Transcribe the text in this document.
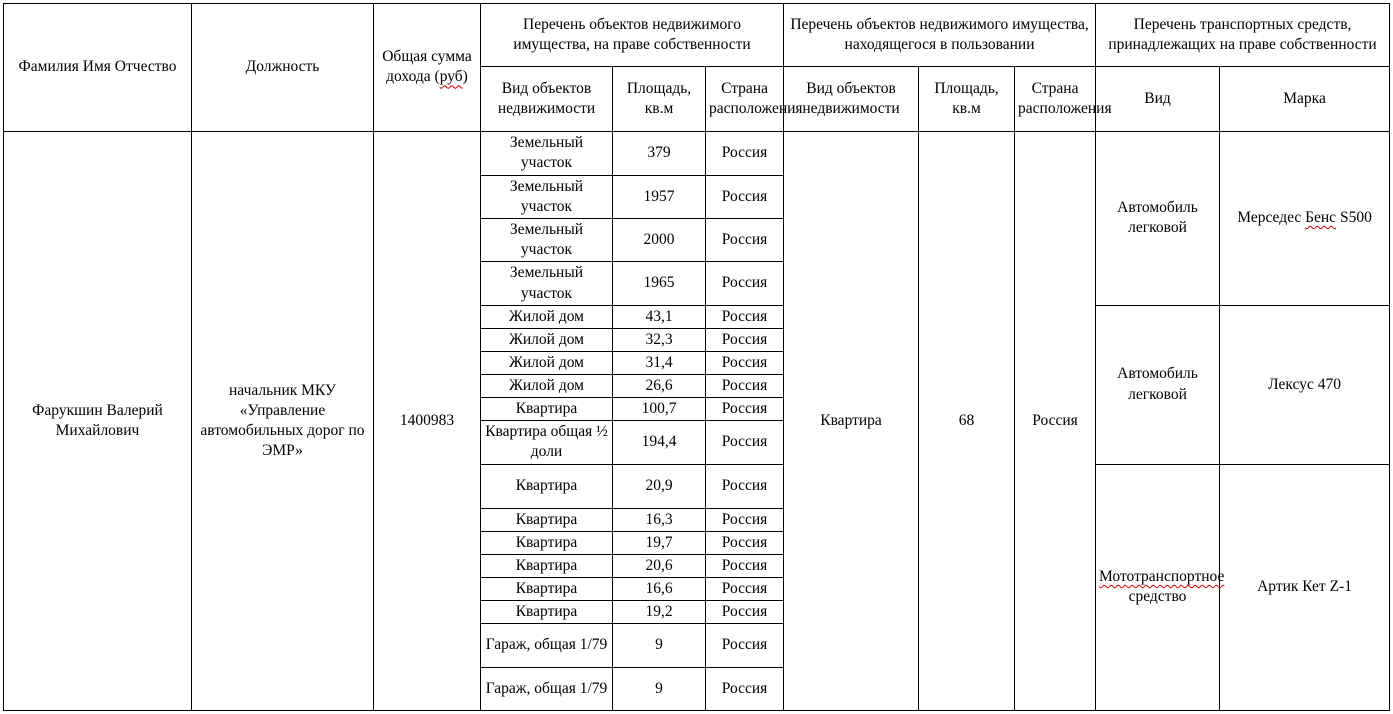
Фамилия Имя Отчество	Должность	Общая сумма дохода (руб)	Перечень объектов недвижимого имущества, на праве собственности			Перечень объектов недвижимого имущества, находящегося в пользовании			Перечень транспортных средств, принадлежащих на праве собственности	
			Вид объектов недвижимости	Площадь, кв.м	Страна расположения	Вид объектов недвижимости	Площадь, кв.м	Страна расположения	Вид	Марка
Фарукшин Валерий Михайлович	начальник МКУ «Управление автомобильных дорог по ЭМР»	1400983	Земельный участок	379	Россия	Квартира	68	Россия	Автомобиль легковой	Мерседес Бенс S500
			Земельный участок	1957	Россия					
			Земельный участок	2000	Россия					
			Земельный участок	1965	Россия					
			Жилой дом	43,1	Россия				Автомобиль легковой	Лексус 470
			Жилой дом	32,3	Россия					
			Жилой дом	31,4	Россия					
			Жилой дом	26,6	Россия					
			Квартира	100,7	Россия					
			Квартира общая ½ доли	194,4	Россия					
			Квартира	20,9	Россия				Мототранспортное средство	Артик Кет Z-1
			Квартира	16,3	Россия					
			Квартира	19,7	Россия					
			Квартира	20,6	Россия					
			Квартира	16,6	Россия					
			Квартира	19,2	Россия					
			Гараж, общая 1/79	9	Россия					
			Гараж, общая 1/79	9	Россия					
